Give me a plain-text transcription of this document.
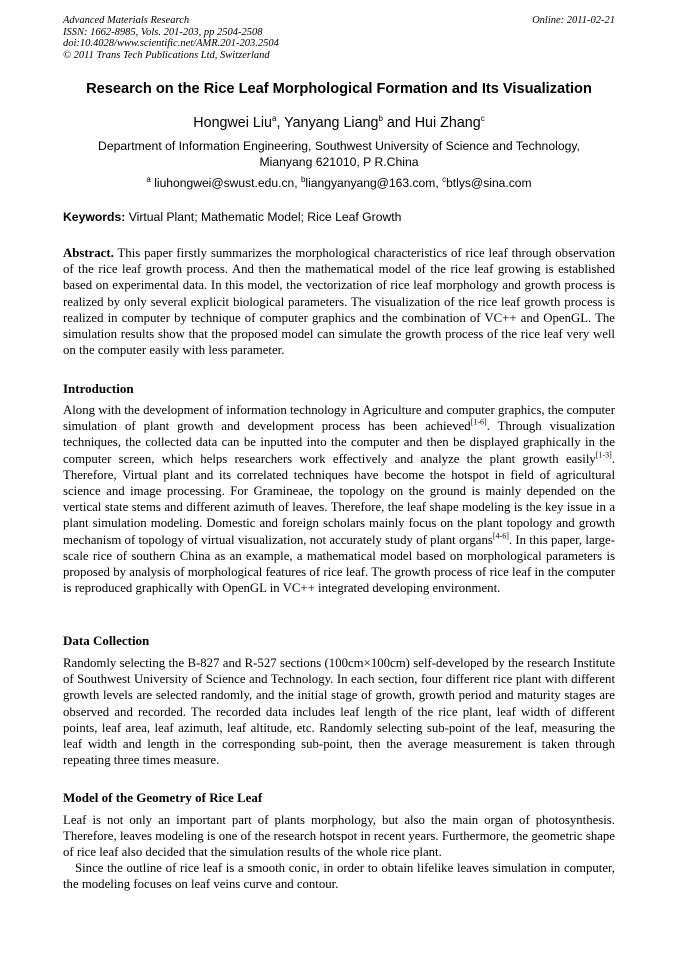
Advanced Materials Research
ISSN: 1662-8985, Vols. 201-203, pp 2504-2508
doi:10.4028/www.scientific.net/AMR.201-203.2504
© 2011 Trans Tech Publications Ltd, Switzerland
Online: 2011-02-21
Research on the Rice Leaf Morphological Formation and Its Visualization
Hongwei Liu$^a$, Yanyang Liang$^b$ and Hui Zhang$^c$
Department of Information Engineering, Southwest University of Science and Technology,
Mianyang 621010, P R.China
$^a$ liuhongwei@swust.edu.cn, $^b$liangyanyang@163.com, $^c$btlys@sina.com
Keywords: Virtual Plant; Mathematic Model; Rice Leaf Growth

Abstract. This paper firstly summarizes the morphological characteristics of rice leaf through observation of the rice leaf growth process. And then the mathematical model of the rice leaf growing is established based on experimental data. In this model, the vectorization of rice leaf morphology and growth process is realized by only several explicit biological parameters. The visualization of the rice leaf growth process is realized in computer by technique of computer graphics and the combination of VC++ and OpenGL. The simulation results show that the proposed model can simulate the growth process of the rice leaf very well on the computer easily with less parameter.

Introduction

Along with the development of information technology in Agriculture and computer graphics, the computer simulation of plant growth and development process has been achieved[1-6]. Through visualization techniques, the collected data can be inputted into the computer and then be displayed graphically in the computer screen, which helps researchers work effectively and analyze the plant growth easily[1-3]. Therefore, Virtual plant and its correlated techniques have become the hotspot in field of agricultural science and image processing. For Gramineae, the topology on the ground is mainly depended on the vertical state stems and different azimuth of leaves. Therefore, the leaf shape modeling is the key issue in a plant simulation modeling. Domestic and foreign scholars mainly focus on the plant topology and growth mechanism of topology of virtual visualization, not accurately study of plant organs[4-6]. In this paper, large-scale rice of southern China as an example, a mathematical model based on morphological parameters is proposed by analysis of morphological features of rice leaf. The growth process of rice leaf in the computer is reproduced graphically with OpenGL in VC++ integrated developing environment.

Data Collection

Randomly selecting the B-827 and R-527 sections (100cm×100cm) self-developed by the research Institute of Southwest University of Science and Technology. In each section, four different rice plant with different growth levels are selected randomly, and the initial stage of growth, growth period and maturity stages are observed and recorded. The recorded data includes leaf length of the rice plant, leaf width of different points, leaf area, leaf azimuth, leaf altitude, etc. Randomly selecting sub-point of the leaf, measuring the leaf width and length in the corresponding sub-point, then the average measurement is taken through repeating three times measure.

Model of the Geometry of Rice Leaf

Leaf is not only an important part of plants morphology, but also the main organ of photosynthesis. Therefore, leaves modeling is one of the research hotspot in recent years. Furthermore, the geometric shape of rice leaf also decided that the simulation results of the whole rice plant.

Since the outline of rice leaf is a smooth conic, in order to obtain lifelike leaves simulation in computer, the modeling focuses on leaf veins curve and contour.
